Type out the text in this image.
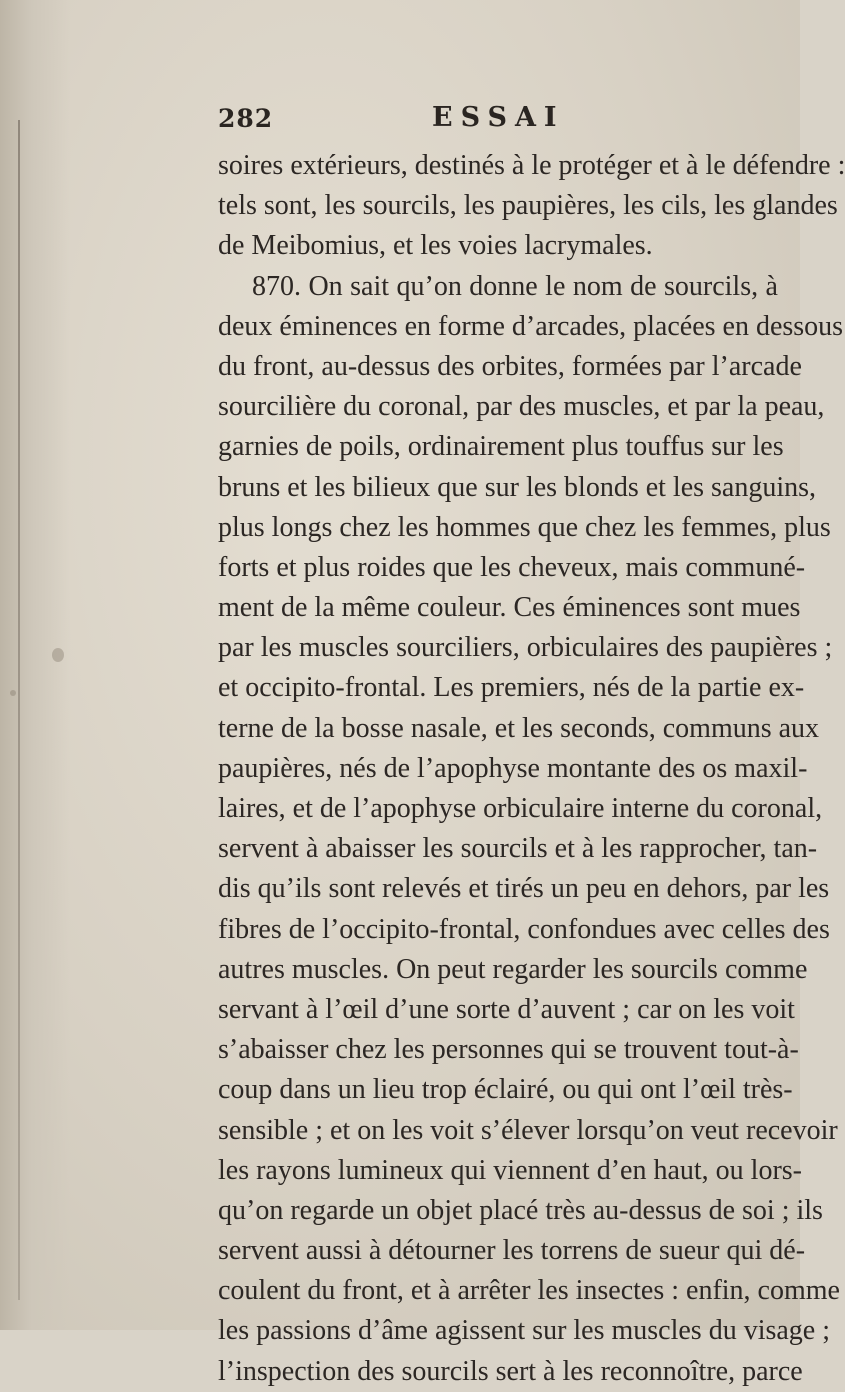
282	ESSAI
soires extérieurs, destinés à le protéger et à le défendre :
tels sont, les sourcils, les paupières, les cils, les glandes
de Meibomius, et les voies lacrymales.
870. On sait qu’on donne le nom de sourcils, à
deux éminences en forme d’arcades, placées en dessous
du front, au-dessus des orbites, formées par l’arcade
sourcilière du coronal, par des muscles, et par la peau,
garnies de poils, ordinairement plus touffus sur les
bruns et les bilieux que sur les blonds et les sanguins,
plus longs chez les hommes que chez les femmes, plus
forts et plus roides que les cheveux, mais communé-
ment de la même couleur. Ces éminences sont mues
par les muscles sourciliers, orbiculaires des paupières ;
et occipito-frontal. Les premiers, nés de la partie ex-
terne de la bosse nasale, et les seconds, communs aux
paupières, nés de l’apophyse montante des os maxil-
laires, et de l’apophyse orbiculaire interne du coronal,
servent à abaisser les sourcils et à les rapprocher, tan-
dis qu’ils sont relevés et tirés un peu en dehors, par les
fibres de l’occipito-frontal, confondues avec celles des
autres muscles. On peut regarder les sourcils comme
servant à l’œil d’une sorte d’auvent ; car on les voit
s’abaisser chez les personnes qui se trouvent tout-à-
coup dans un lieu trop éclairé, ou qui ont l’œil très-
sensible ; et on les voit s’élever lorsqu’on veut recevoir
les rayons lumineux qui viennent d’en haut, ou lors-
qu’on regarde un objet placé très au-dessus de soi ; ils
servent aussi à détourner les torrens de sueur qui dé-
coulent du front, et à arrêter les insectes : enfin, comme
les passions d’âme agissent sur les muscles du visage ;
l’inspection des sourcils sert à les reconnoître, parce
